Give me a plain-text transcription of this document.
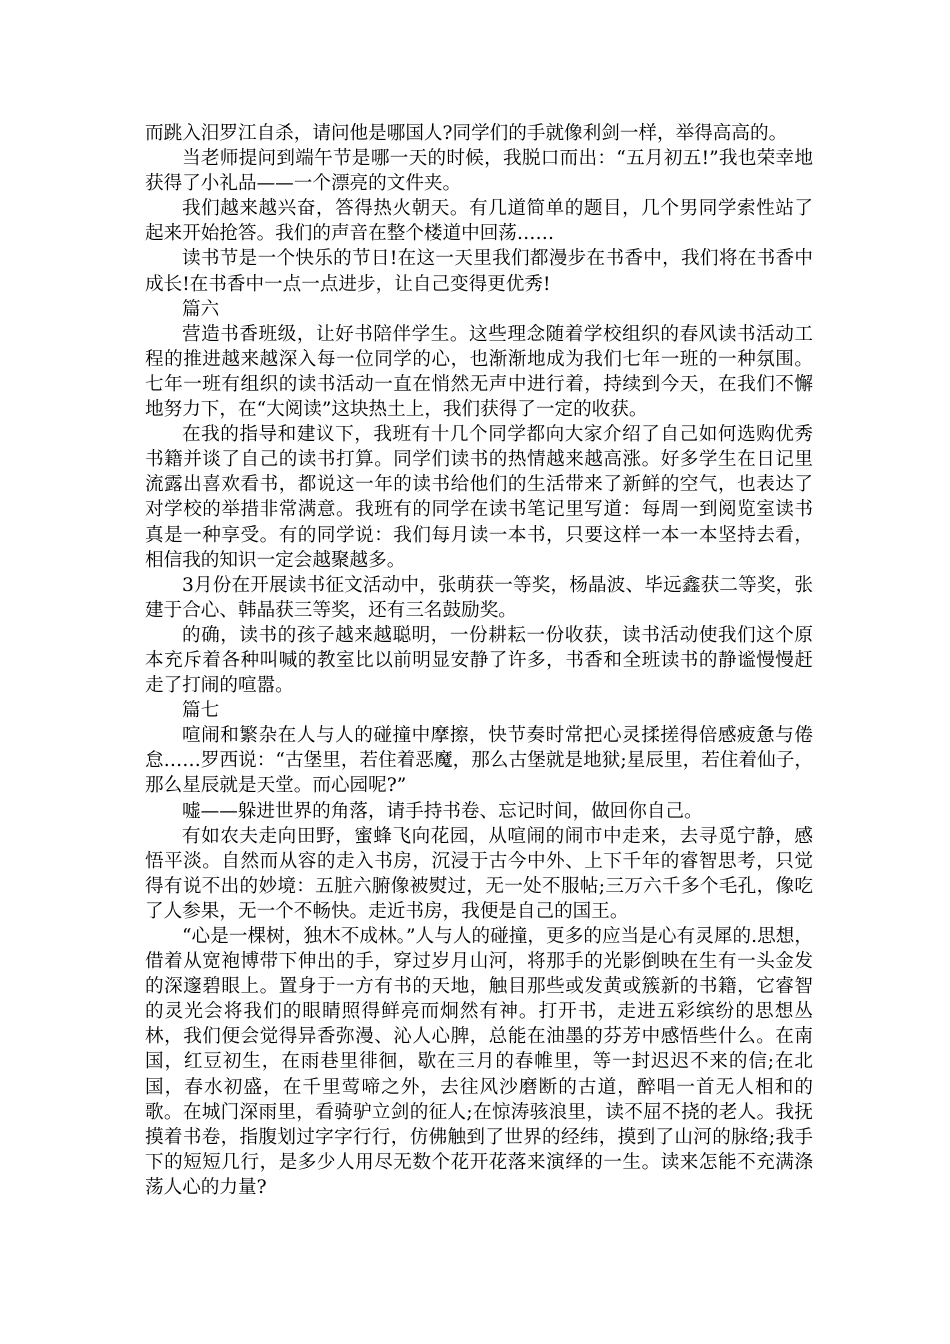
而跳入汨罗江自杀，请问他是哪国人?同学们的手就像利剑一样，举得高高的。

当老师提问到端午节是哪一天的时候，我脱口而出：“五月初五!”我也荣幸地获得了小礼品——一个漂亮的文件夹。

我们越来越兴奋，答得热火朝天。有几道简单的题目，几个男同学索性站了起来开始抢答。我们的声音在整个楼道中回荡……

读书节是一个快乐的节日!在这一天里我们都漫步在书香中，我们将在书香中成长!在书香中一点一点进步，让自己变得更优秀!

篇六

营造书香班级，让好书陪伴学生。这些理念随着学校组织的春风读书活动工程的推进越来越深入每一位同学的心，也渐渐地成为我们七年一班的一种氛围。七年一班有组织的读书活动一直在悄然无声中进行着，持续到今天，在我们不懈地努力下，在“大阅读”这块热土上，我们获得了一定的收获。

在我的指导和建议下，我班有十几个同学都向大家介绍了自己如何选购优秀书籍并谈了自己的读书打算。同学们读书的热情越来越高涨。好多学生在日记里流露出喜欢看书，都说这一年的读书给他们的生活带来了新鲜的空气，也表达了对学校的举措非常满意。我班有的同学在读书笔记里写道：每周一到阅览室读书真是一种享受。有的同学说：我们每月读一本书，只要这样一本一本坚持去看，相信我的知识一定会越聚越多。

3月份在开展读书征文活动中，张萌获一等奖，杨晶波、毕远鑫获二等奖，张建于合心、韩晶获三等奖，还有三名鼓励奖。

的确，读书的孩子越来越聪明，一份耕耘一份收获，读书活动使我们这个原本充斥着各种叫喊的教室比以前明显安静了许多，书香和全班读书的静谧慢慢赶走了打闹的喧嚣。

篇七

喧闹和繁杂在人与人的碰撞中摩擦，快节奏时常把心灵揉搓得倍感疲惫与倦怠……罗西说：“古堡里，若住着恶魔，那么古堡就是地狱;星辰里，若住着仙子，那么星辰就是天堂。而心园呢?”

嘘——躲进世界的角落，请手持书卷、忘记时间，做回你自己。

有如农夫走向田野，蜜蜂飞向花园，从喧闹的闹市中走来，去寻觅宁静，感悟平淡。自然而从容的走入书房，沉浸于古今中外、上下千年的睿智思考，只觉得有说不出的妙境：五脏六腑像被熨过，无一处不服帖;三万六千多个毛孔，像吃了人参果，无一个不畅快。走近书房，我便是自己的国王。

“心是一棵树，独木不成林。”人与人的碰撞，更多的应当是心有灵犀的.思想，借着从宽袍博带下伸出的手，穿过岁月山河，将那手的光影倒映在生有一头金发的深邃碧眼上。置身于一方有书的天地，触目那些或发黄或簇新的书籍，它睿智的灵光会将我们的眼睛照得鲜亮而炯然有神。打开书，走进五彩缤纷的思想丛林，我们便会觉得异香弥漫、沁人心脾，总能在油墨的芬芳中感悟些什么。在南国，红豆初生，在雨巷里徘徊，歇在三月的春帷里，等一封迟迟不来的信;在北国，春水初盛，在千里莺啼之外，去往风沙磨断的古道，醉唱一首无人相和的歌。在城门深雨里，看骑驴立剑的征人;在惊涛骇浪里，读不屈不挠的老人。我抚摸着书卷，指腹划过字字行行，仿佛触到了世界的经纬，摸到了山河的脉络;我手下的短短几行，是多少人用尽无数个花开花落来演绎的一生。读来怎能不充满涤荡人心的力量?
